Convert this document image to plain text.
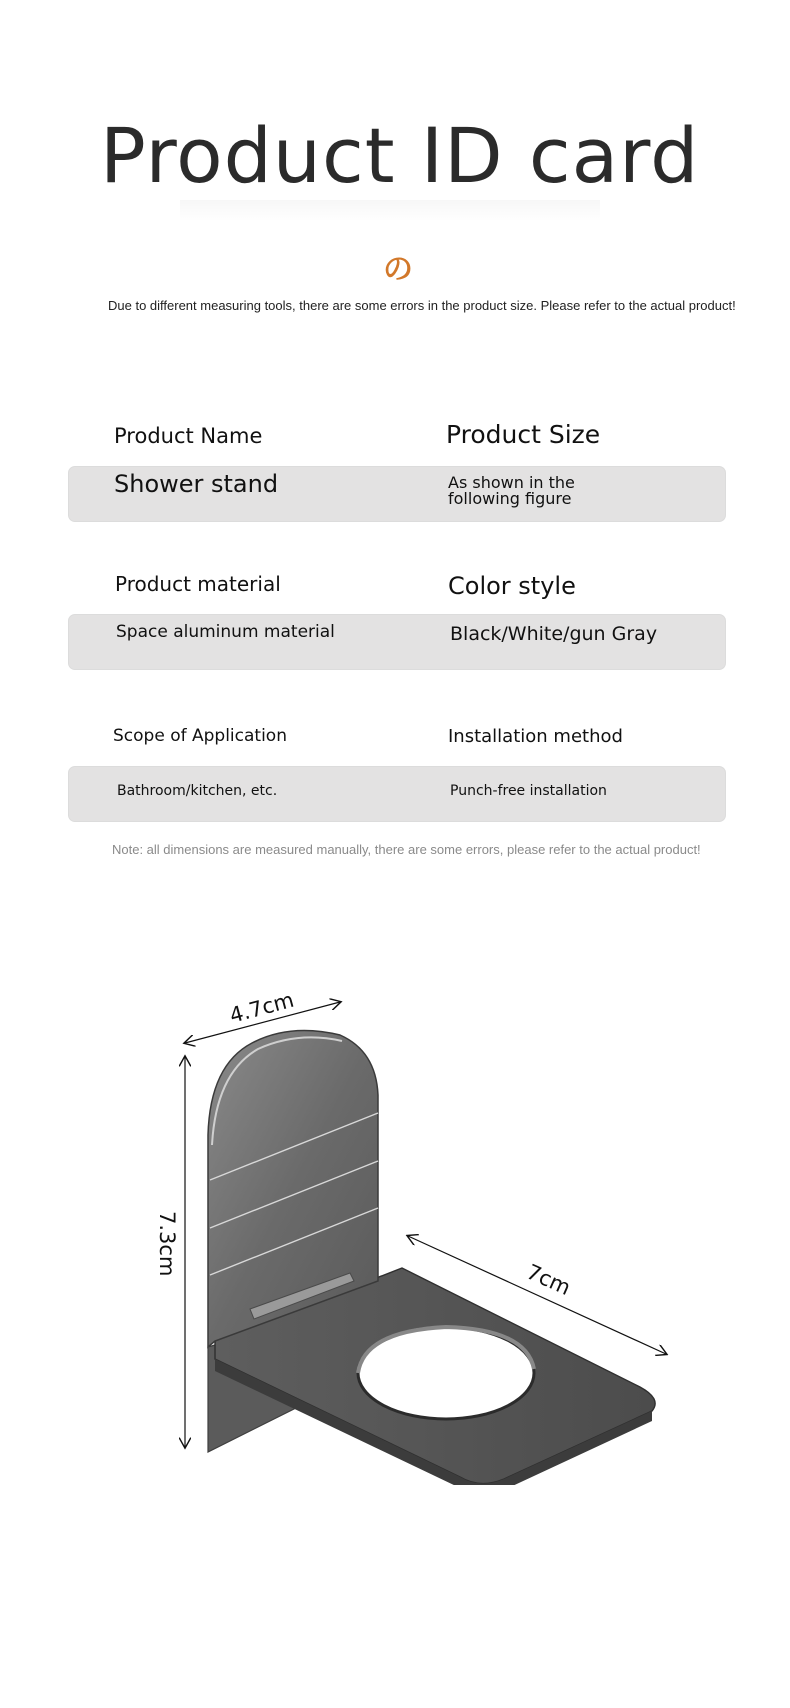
Product ID card
の
Due to different measuring tools, there are some errors in the product size. Please refer to the actual product!
Product Name	Product Size
Shower stand	As shown in the
following figure
Product material	Color style
Space aluminum material	Black/White/gun Gray
Scope of Application	Installation method
Bathroom/kitchen, etc.	Punch-free installation
Note: all dimensions are measured manually, there are some errors, please refer to the actual product!
4.7cm
7.3cm
7cm
